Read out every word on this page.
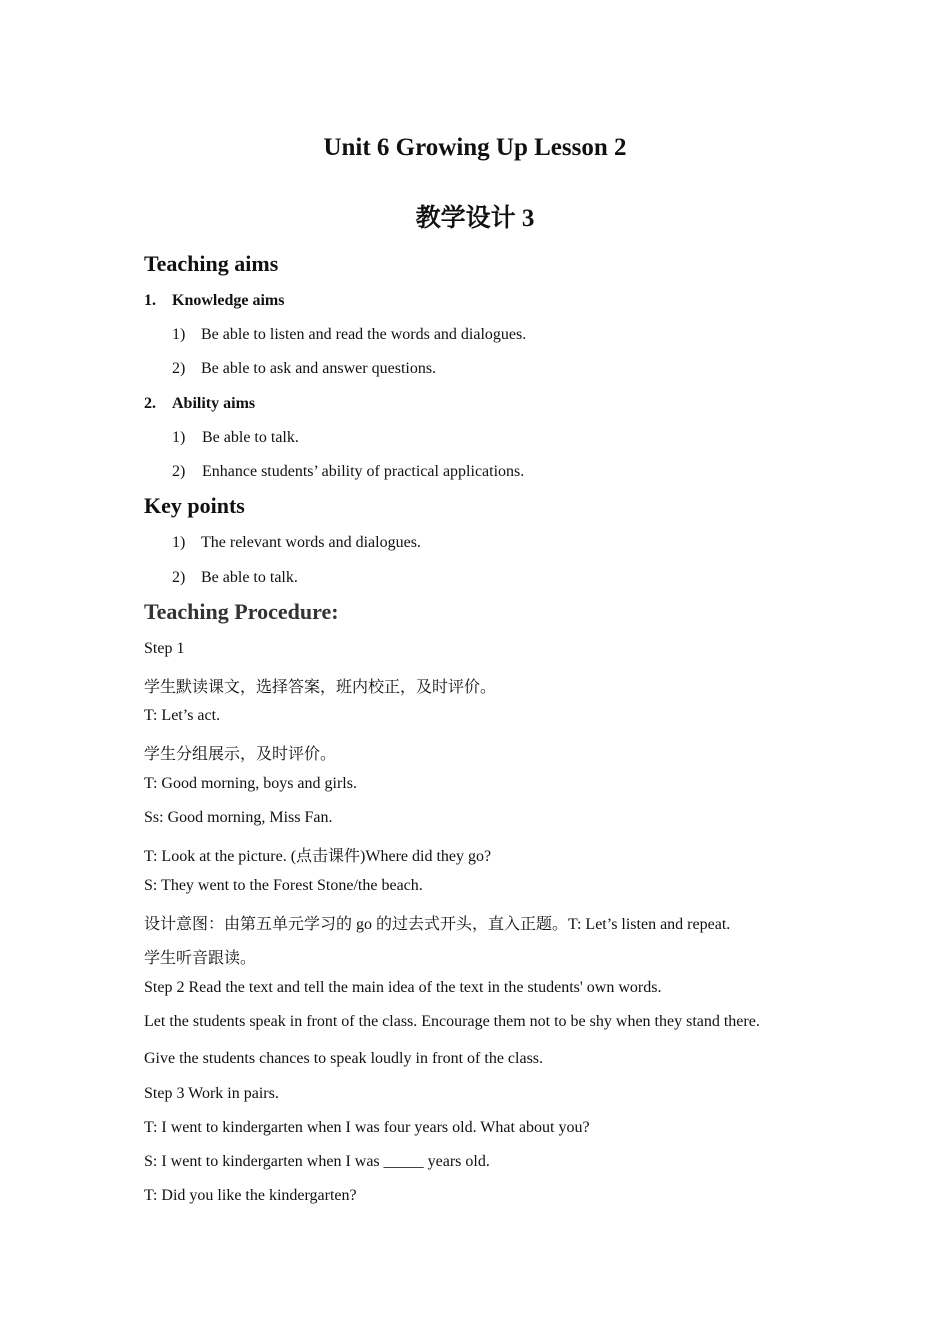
Unit 6 Growing Up Lesson 2
教学设计 3
Teaching aims
1. Knowledge aims
1) Be able to listen and read the words and dialogues.
2) Be able to ask and answer questions.
2. Ability aims
1) Be able to talk.
2) Enhance students’ ability of practical applications.
Key points
1) The relevant words and dialogues.
2) Be able to talk.
Teaching Procedure:
Step 1
学生默读课文，选择答案，班内校正，及时评价。
T: Let’s act.
学生分组展示，及时评价。
T: Good morning, boys and girls.
Ss: Good morning, Miss Fan.
T: Look at the picture. (点击课件)Where did they go?
S: They went to the Forest Stone/the beach.
设计意图：由第五单元学习的 go 的过去式开头，直入正题。T: Let’s listen and repeat.
学生听音跟读。
Step 2 Read the text and tell the main idea of the text in the students' own words.
Let the students speak in front of the class. Encourage them not to be shy when they stand there.
Give the students chances to speak loudly in front of the class.
Step 3 Work in pairs.
T: I went to kindergarten when I was four years old. What about you?
S: I went to kindergarten when I was _____ years old.
T: Did you like the kindergarten?
